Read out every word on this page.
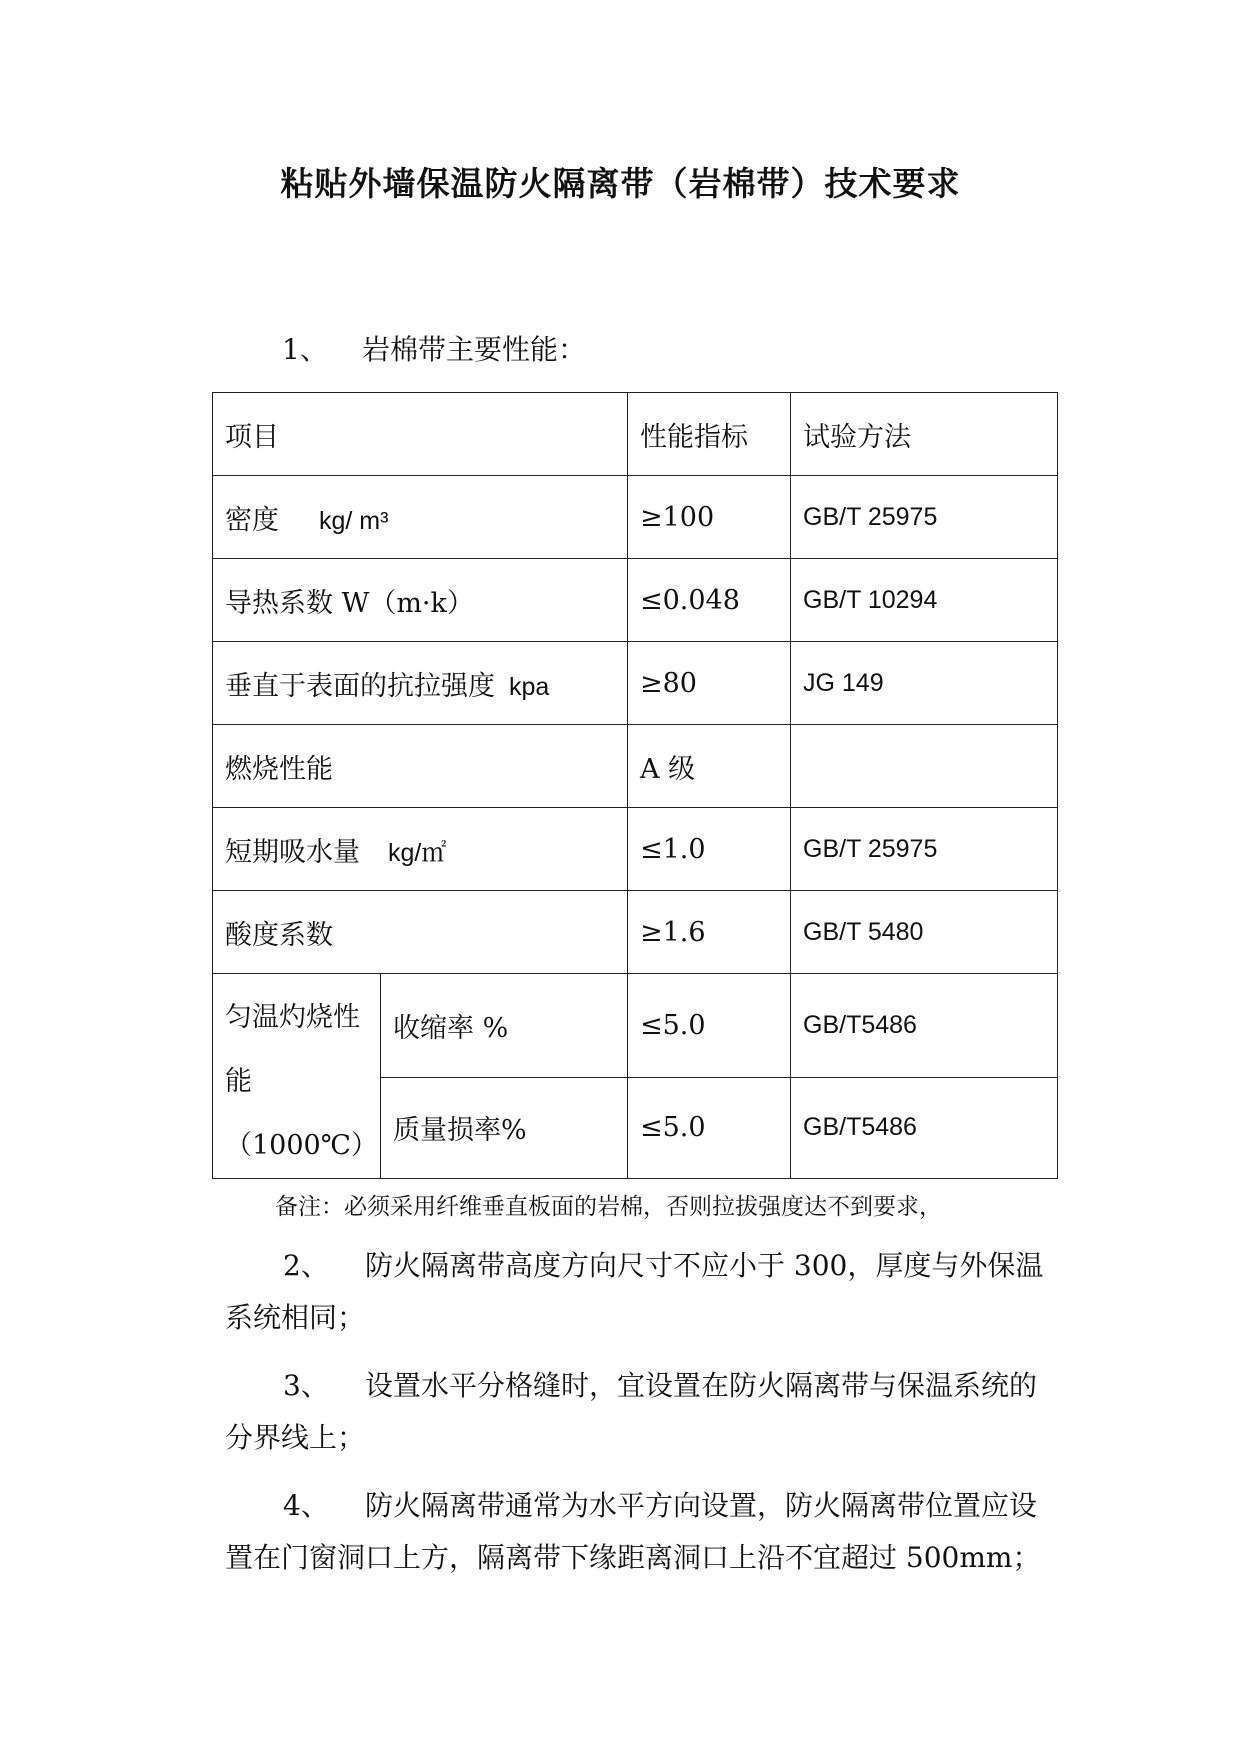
粘贴外墙保温防火隔离带（岩棉带）技术要求
1、 岩棉带主要性能：
项目		性能指标	试验方法
密度 kg/ m³		≥100	GB/T 25975
导热系数 W（m·k）		≤0.048	GB/T 10294
垂直于表面的抗拉强度 kpa		≥80	JG 149
燃烧性能		A 级	
短期吸水量 kg/㎡		≤1.0	GB/T 25975
酸度系数		≥1.6	GB/T 5480
匀温灼烧性能（1000℃）	收缩率 %	≤5.0	GB/T5486
	质量损率%	≤5.0	GB/T5486
备注：必须采用纤维垂直板面的岩棉，否则拉拔强度达不到要求，
2、 防火隔离带高度方向尺寸不应小于 300，厚度与外保温系统相同；
3、 设置水平分格缝时，宜设置在防火隔离带与保温系统的分界线上；
4、 防火隔离带通常为水平方向设置，防火隔离带位置应设置在门窗洞口上方，隔离带下缘距离洞口上沿不宜超过 500mm；
